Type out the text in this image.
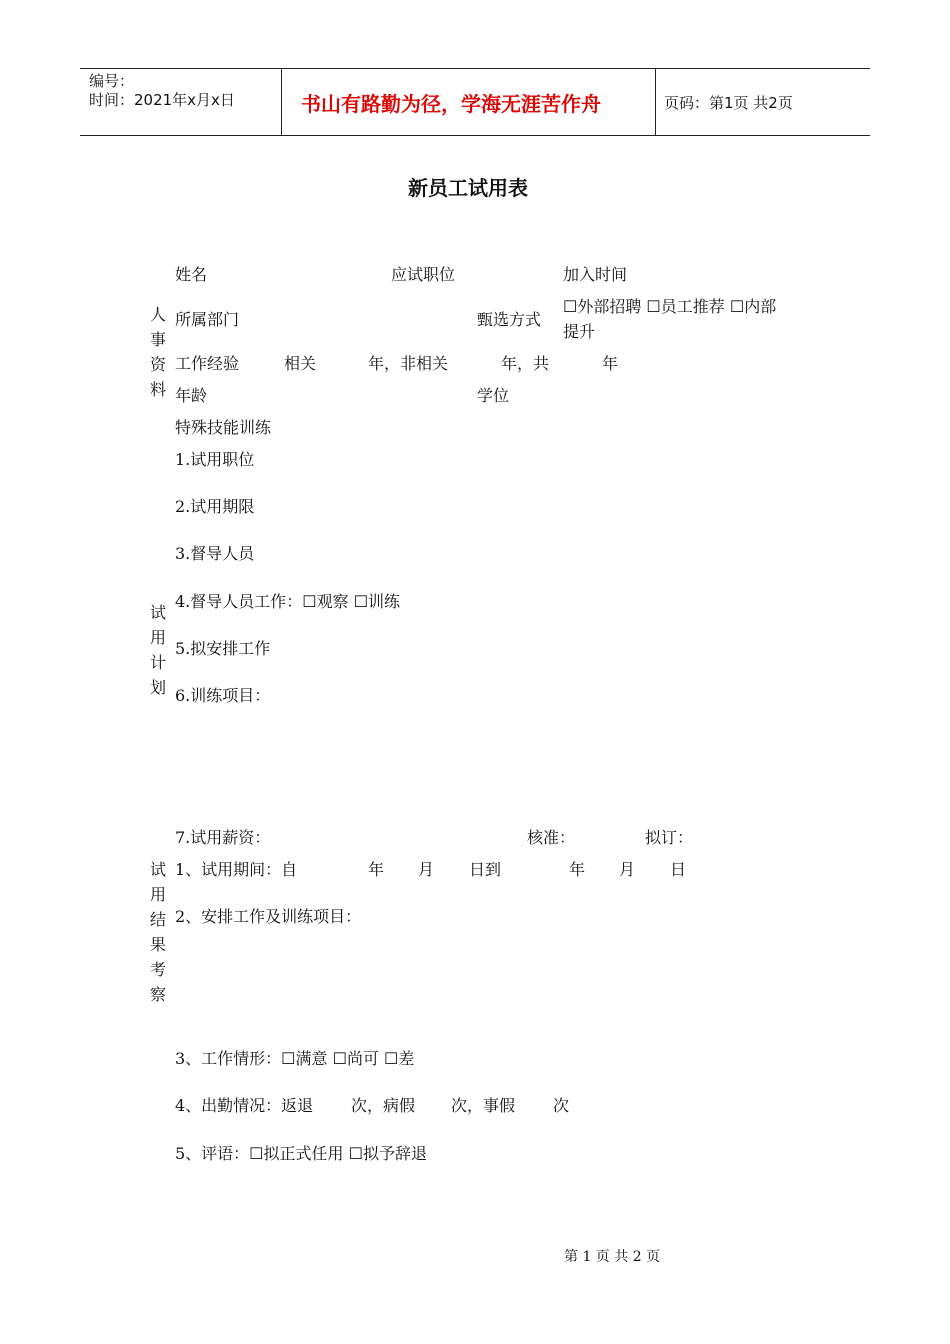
编号：
时间：2021年x月x日	书山有路勤为径，学海无涯苦作舟	页码：第1页 共2页
新员工试用表
人事资料
姓名	应试职位	加入时间
所属部门	甄选方式
☐外部招聘 ☐员工推荐 ☐内部
提升
工作经验	相关	年，非相关	年，共	年
年龄	学位
特殊技能训练
试用计划
1.试用职位
2.试用期限
3.督导人员
4.督导人员工作：☐观察 ☐训练
5.拟安排工作
6.训练项目：
7.试用薪资：	核准：	拟订：
试用结果考察
1、试用期间：自	年 月 日到	年 月 日
2、安排工作及训练项目：
3、工作情形：☐满意 ☐尚可 ☐差
4、出勤情况：返退 次，病假 次，事假 次
5、评语：☐拟正式任用 ☐拟予辞退
第 1 页 共 2 页
